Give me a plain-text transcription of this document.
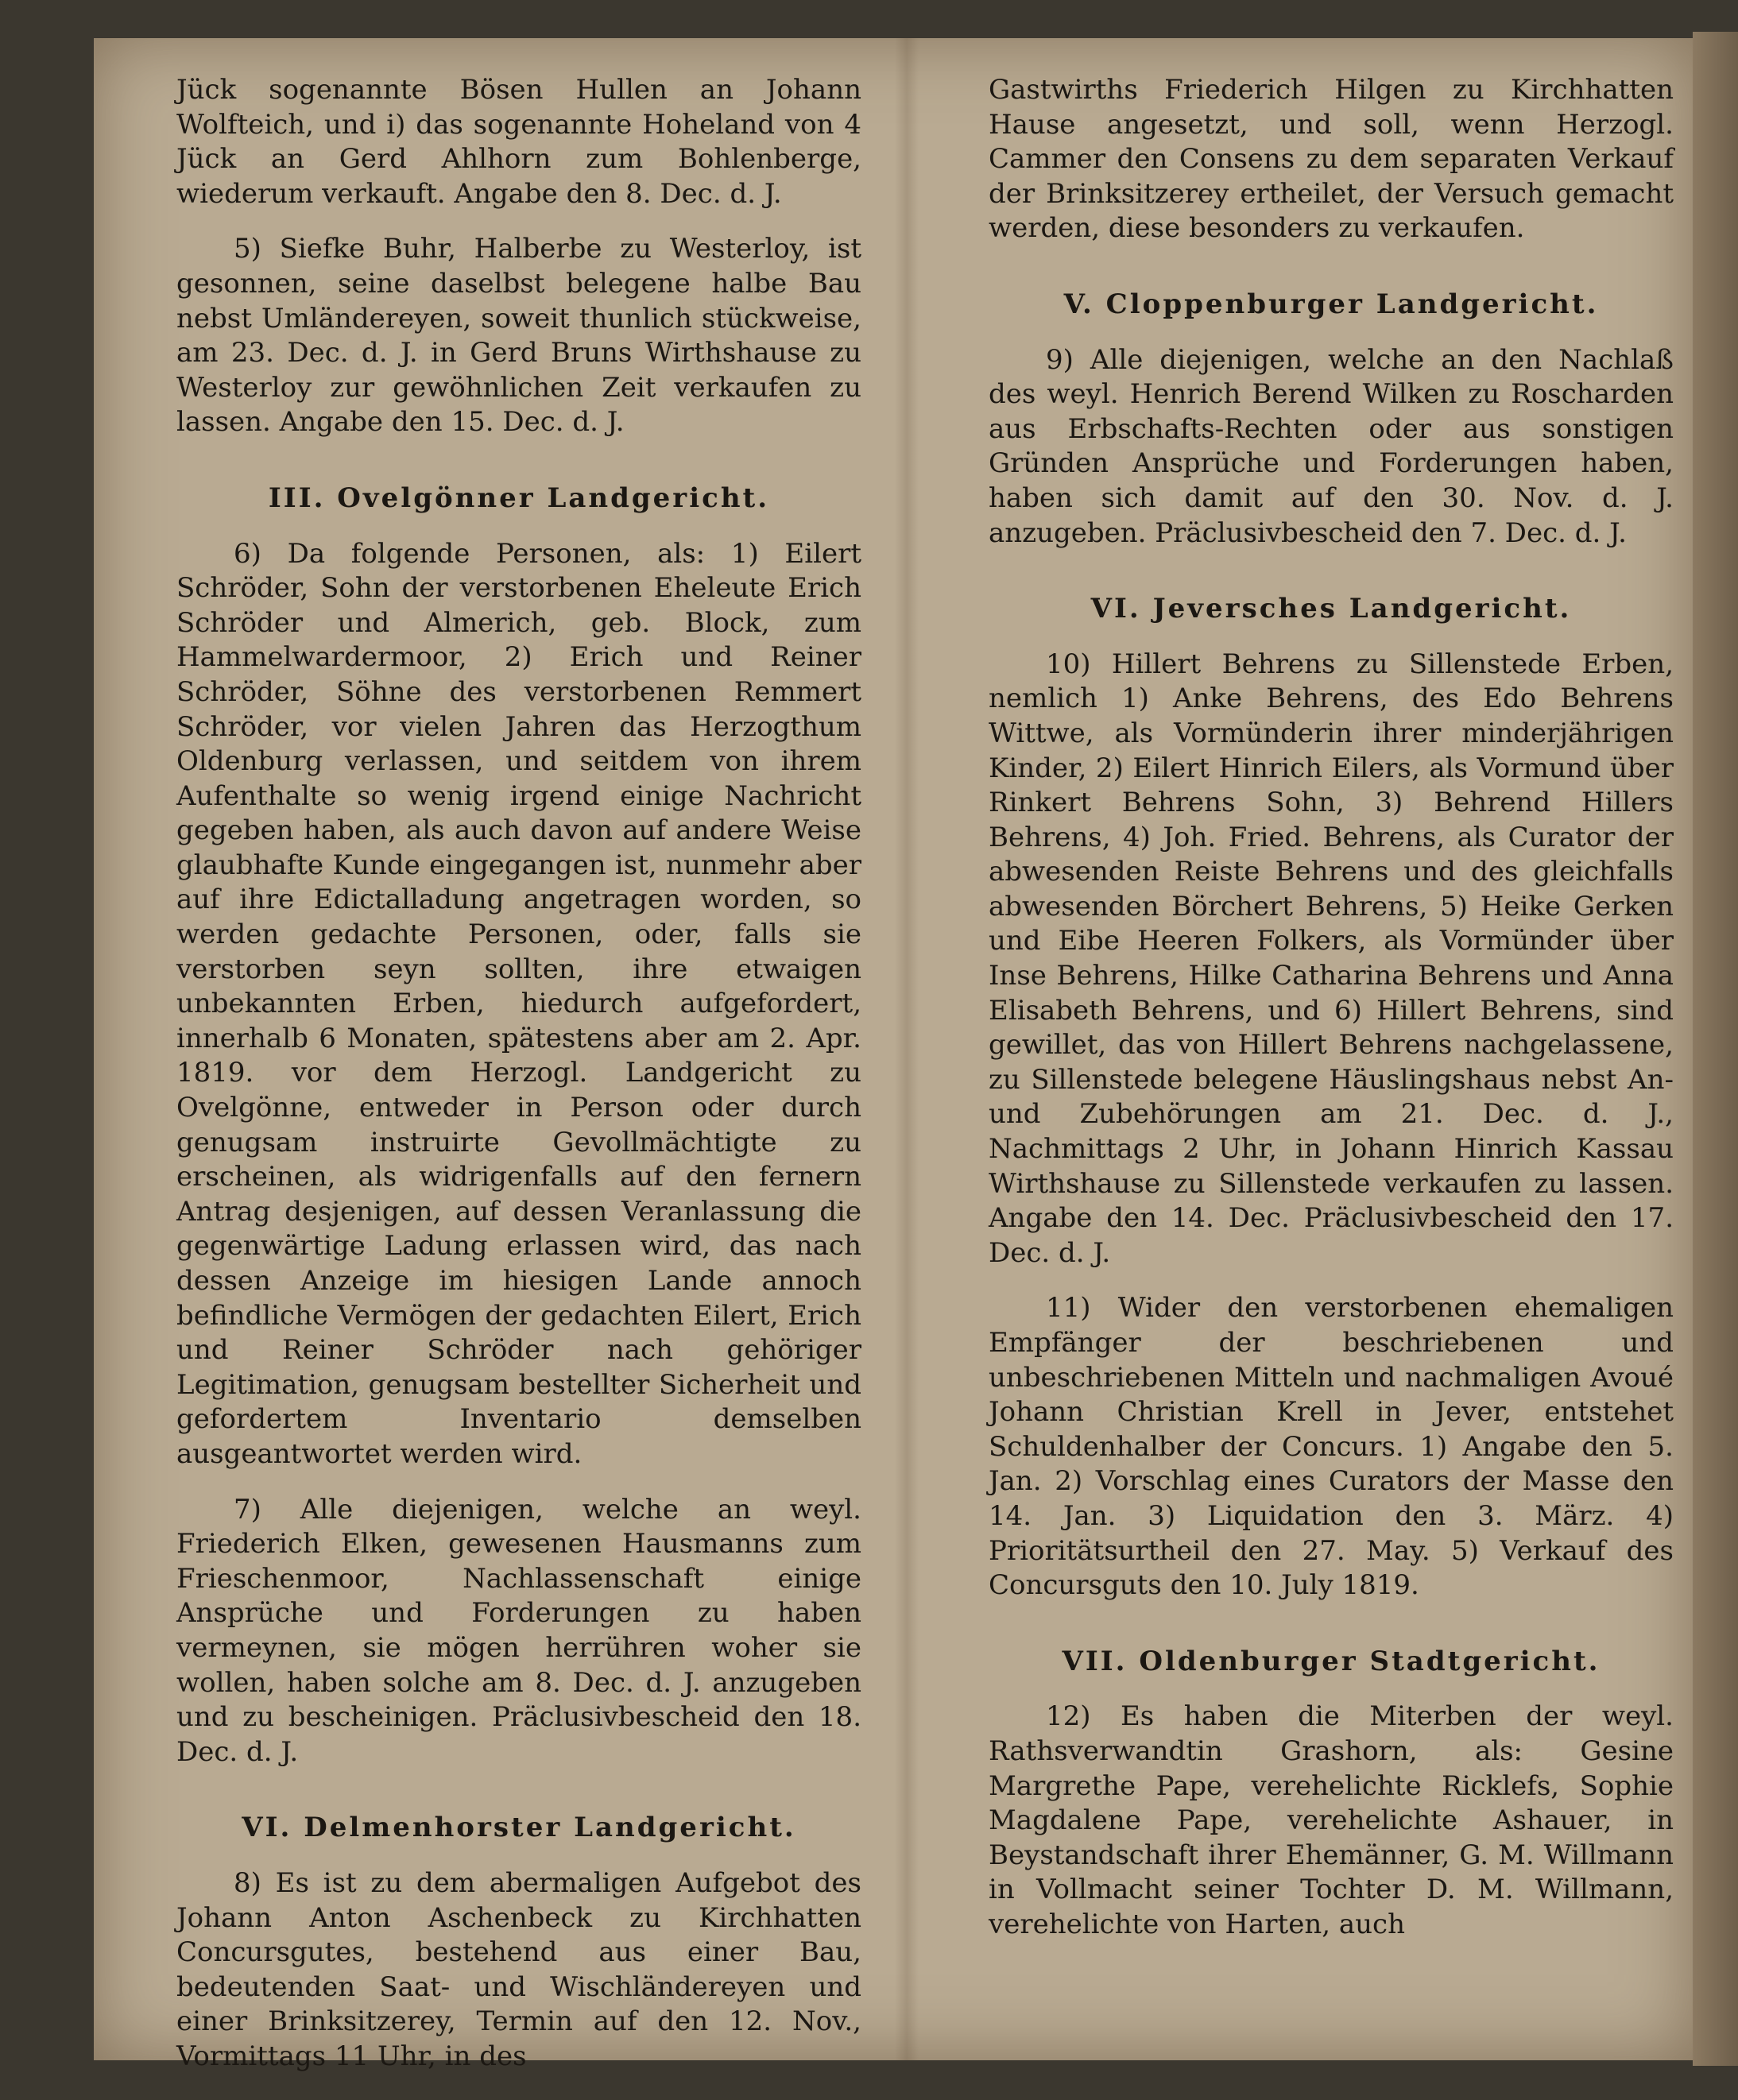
Jück sogenannte Bösen Hullen an Johann Wolfteich, und i) das sogenannte Hoheland von 4 Jück an Gerd Ahlhorn zum Bohlenberge, wiederum verkauft. Angabe den 8. Dec. d. J.

5) Siefke Buhr, Halberbe zu Westerloy, ist gesonnen, seine daselbst belegene halbe Bau nebst Umländereyen, soweit thunlich stückweise, am 23. Dec. d. J. in Gerd Bruns Wirthshause zu Westerloy zur gewöhnlichen Zeit verkaufen zu lassen. Angabe den 15. Dec. d. J.

III. Ovelgönner Landgericht.

6) Da folgende Personen, als: 1) Eilert Schröder, Sohn der verstorbenen Eheleute Erich Schröder und Almerich, geb. Block, zum Hammelwardermoor, 2) Erich und Reiner Schröder, Söhne des verstorbenen Remmert Schröder, vor vielen Jahren das Herzogthum Oldenburg verlassen, und seitdem von ihrem Aufenthalte so wenig irgend einige Nachricht gegeben haben, als auch davon auf andere Weise glaubhafte Kunde eingegangen ist, nunmehr aber auf ihre Edictalladung angetragen worden, so werden gedachte Personen, oder, falls sie verstorben seyn sollten, ihre etwaigen unbekannten Erben, hiedurch aufgefordert, innerhalb 6 Monaten, spätestens aber am 2. Apr. 1819. vor dem Herzogl. Landgericht zu Ovelgönne, entweder in Person oder durch genugsam instruirte Gevollmächtigte zu erscheinen, als widrigenfalls auf den fernern Antrag desjenigen, auf dessen Veranlassung die gegenwärtige Ladung erlassen wird, das nach dessen Anzeige im hiesigen Lande annoch befindliche Vermögen der gedachten Eilert, Erich und Reiner Schröder nach gehöriger Legitimation, genugsam bestellter Sicherheit und gefordertem Inventario demselben ausgeantwortet werden wird.

7) Alle diejenigen, welche an weyl. Friederich Elken, gewesenen Hausmanns zum Frieschenmoor, Nachlassenschaft einige Ansprüche und Forderungen zu haben vermeynen, sie mögen herrühren woher sie wollen, haben solche am 8. Dec. d. J. anzugeben und zu bescheinigen. Präclusivbescheid den 18. Dec. d. J.

VI. Delmenhorster Landgericht.

8) Es ist zu dem abermaligen Aufgebot des Johann Anton Aschenbeck zu Kirchhatten Concursgutes, bestehend aus einer Bau, bedeutenden Saat- und Wischländereyen und einer Brinksitzerey, Termin auf den 12. Nov., Vormittags 11 Uhr, in des

Gastwirths Friederich Hilgen zu Kirchhatten Hause angesetzt, und soll, wenn Herzogl. Cammer den Consens zu dem separaten Verkauf der Brinksitzerey ertheilet, der Versuch gemacht werden, diese besonders zu verkaufen.

V. Cloppenburger Landgericht.

9) Alle diejenigen, welche an den Nachlaß des weyl. Henrich Berend Wilken zu Roscharden aus Erbschafts-Rechten oder aus sonstigen Gründen Ansprüche und Forderungen haben, haben sich damit auf den 30. Nov. d. J. anzugeben. Präclusivbescheid den 7. Dec. d. J.

VI. Jeversches Landgericht.

10) Hillert Behrens zu Sillenstede Erben, nemlich 1) Anke Behrens, des Edo Behrens Wittwe, als Vormünderin ihrer minderjährigen Kinder, 2) Eilert Hinrich Eilers, als Vormund über Rinkert Behrens Sohn, 3) Behrend Hillers Behrens, 4) Joh. Fried. Behrens, als Curator der abwesenden Reiste Behrens und des gleichfalls abwesenden Börchert Behrens, 5) Heike Gerken und Eibe Heeren Folkers, als Vormünder über Inse Behrens, Hilke Catharina Behrens und Anna Elisabeth Behrens, und 6) Hillert Behrens, sind gewillet, das von Hillert Behrens nachgelassene, zu Sillenstede belegene Häuslingshaus nebst An- und Zubehörungen am 21. Dec. d. J., Nachmittags 2 Uhr, in Johann Hinrich Kassau Wirthshause zu Sillenstede verkaufen zu lassen. Angabe den 14. Dec. Präclusivbescheid den 17. Dec. d. J.

11) Wider den verstorbenen ehemaligen Empfänger der beschriebenen und unbeschriebenen Mitteln und nachmaligen Avoué Johann Christian Krell in Jever, entstehet Schuldenhalber der Concurs. 1) Angabe den 5. Jan. 2) Vorschlag eines Curators der Masse den 14. Jan. 3) Liquidation den 3. März. 4) Prioritätsurtheil den 27. May. 5) Verkauf des Concursguts den 10. July 1819.

VII. Oldenburger Stadtgericht.

12) Es haben die Miterben der weyl. Rathsverwandtin Grashorn, als: Gesine Margrethe Pape, verehelichte Ricklefs, Sophie Magdalene Pape, verehelichte Ashauer, in Beystandschaft ihrer Ehemänner, G. M. Willmann in Vollmacht seiner Tochter D. M. Willmann, verehelichte von Harten, auch
